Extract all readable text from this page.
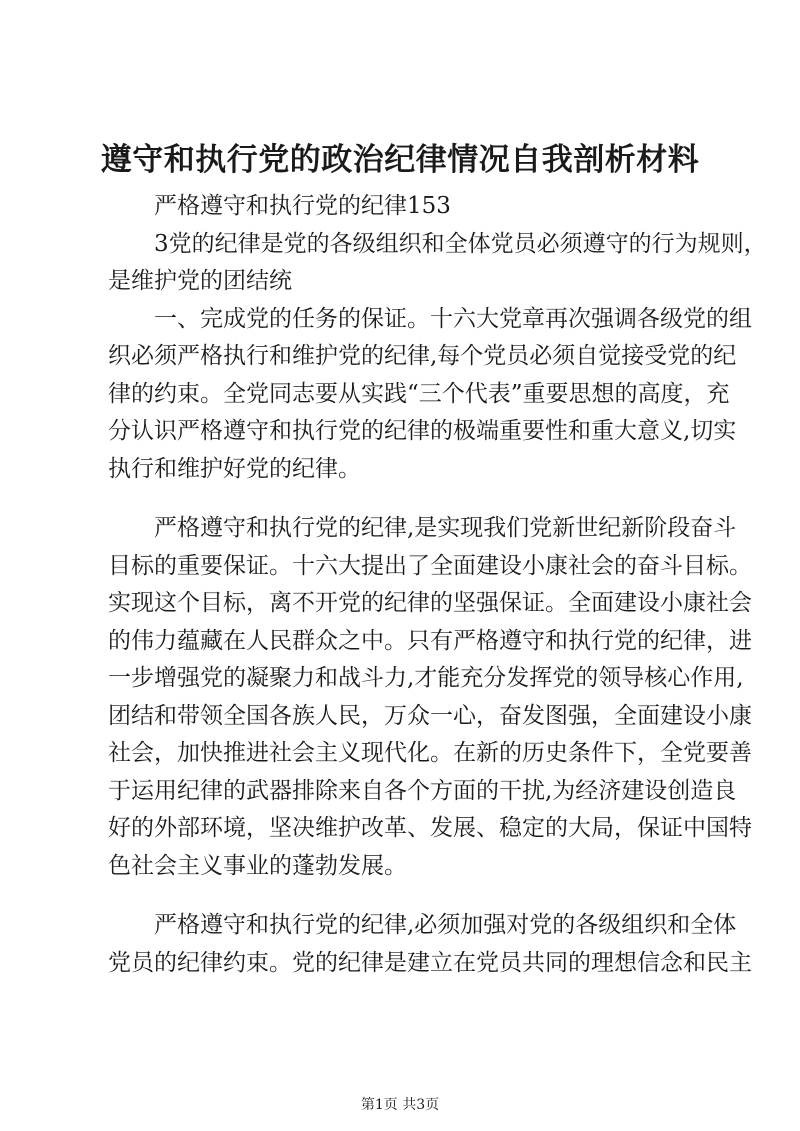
遵守和执行党的政治纪律情况自我剖析材料
严格遵守和执行党的纪律153
3党的纪律是党的各级组织和全体党员必须遵守的行为规则，
是维护党的团结统
一、完成党的任务的保证。十六大党章再次强调各级党的组
织必须严格执行和维护党的纪律,每个党员必须自觉接受党的纪
律的约束。全党同志要从实践“三个代表”重要思想的高度，充
分认识严格遵守和执行党的纪律的极端重要性和重大意义,切实
执行和维护好党的纪律。
严格遵守和执行党的纪律,是实现我们党新世纪新阶段奋斗
目标的重要保证。十六大提出了全面建设小康社会的奋斗目标。
实现这个目标，离不开党的纪律的坚强保证。全面建设小康社会
的伟力蕴藏在人民群众之中。只有严格遵守和执行党的纪律，进
一步增强党的凝聚力和战斗力,才能充分发挥党的领导核心作用,
团结和带领全国各族人民，万众一心，奋发图强，全面建设小康
社会，加快推进社会主义现代化。在新的历史条件下，全党要善
于运用纪律的武器排除来自各个方面的干扰,为经济建设创造良
好的外部环境，坚决维护改革、发展、稳定的大局，保证中国特
色社会主义事业的蓬勃发展。
严格遵守和执行党的纪律,必须加强对党的各级组织和全体
党员的纪律约束。党的纪律是建立在党员共同的理想信念和民主
第1页 共3页
